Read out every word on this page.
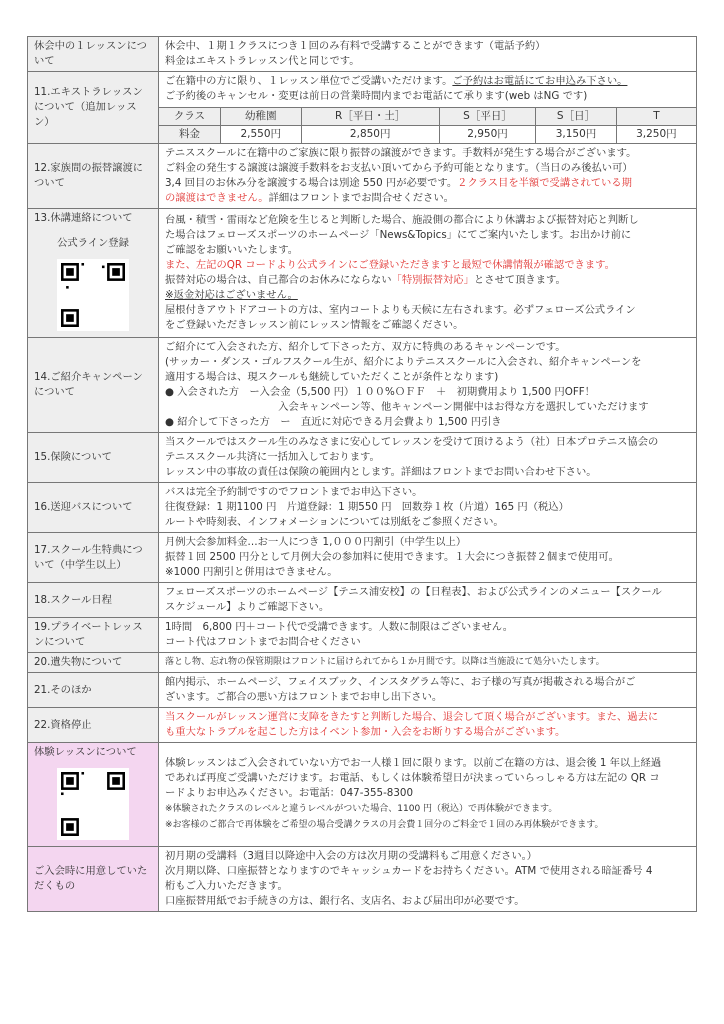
休会中の１レッスンについて

休会中、１期１クラスにつき１回のみ有料で受講することができます（電話予約）
料金はエキストラレッスン代と同じです。

11.エキストラレッスンについて（追加レッスン）

ご在籍中の方に限り、１レッスン単位でご受講いただけます。ご予約はお電話にてお申込み下さい。
ご予約後のキャンセル・変更は前日の営業時間内までお電話にて承ります(web はNG です)
クラス	幼稚園	R［平日・土］	S［平日］	S［日］	T
料金	2,550円	2,850円	2,950円	3,150円	3,250円

12.家族間の振替譲渡について

テニススクールに在籍中のご家族に限り振替の譲渡ができます。手数料が発生する場合がございます。
ご料金の発生する譲渡は譲渡手数料をお支払い頂いてから予約可能となります。（当日のみ後払い可）
3,4 回目のお休み分を譲渡する場合は別途 550 円が必要です。２クラス目を半額で受講されている期
の譲渡はできません。詳細はフロントまでお問合せください。

13.休講連絡について
公式ライン登録

台風・積雪・雷雨など危険を生じると判断した場合、施設側の都合により休講および振替対応と判断し
た場合はフェローズスポーツのホームページ「News&Topics」にてご案内いたします。お出かけ前に
ご確認をお願いいたします。
また、左記のQR コードより公式ラインにご登録いただきますと最短で休講情報が確認できます。
振替対応の場合は、自己都合のお休みにならない「特別振替対応」とさせて頂きます。
※返金対応はございません。
屋根付きアウトドアコートの方は、室内コートよりも天候に左右されます。必ずフェローズ公式ライン
をご登録いただきレッスン前にレッスン情報をご確認ください。

14.ご紹介キャンペーンについて

ご紹介にて入会された方、紹介して下さった方、双方に特典のあるキャンペーンです。
(サッカー・ダンス・ゴルフスクール生が、紹介によりテニススクールに入会され、紹介キャンペーンを
適用する場合は、現スクールも継続していただくことが条件となります)
● 入会された方　ー入会金（5,500 円）１００%ＯＦＦ　＋　初期費用より 1,500 円OFF！
　　　　　　　　　　　入会キャンペーン等、他キャンペーン開催中はお得な方を選択していただけます
● 紹介して下さった方　ー　直近に対応できる月会費より 1,500 円引き

15.保険について

当スクールではスクール生のみなさまに安心してレッスンを受けて頂けるよう（社）日本プロテニス協会の
テニススクール共済に一括加入しております。
レッスン中の事故の責任は保険の範囲内とします。詳細はフロントまでお問い合わせ下さい。

16.送迎バスについて

バスは完全予約制ですのでフロントまでお申込下さい。
往復登録：1 期1100 円　片道登録：1 期550 円　回数券１枚（片道）165 円（税込）
ルートや時刻表、インフォメーションについては別紙をご参照ください。

17.スクール生特典について（中学生以上）

月例大会参加料金…お一人につき 1,０００円割引（中学生以上）
振替１回 2500 円分として月例大会の参加料に使用できます。１大会につき振替２個まで使用可。
※1000 円割引と併用はできません。

18.スクール日程

フェローズスポーツのホームページ【テニス浦安校】の【日程表】、および公式ラインのメニュー【スクール
スケジュール】よりご確認下さい。

19.プライベートレッスンについて

1時間　6,800 円＋コート代で受講できます。人数に制限はございません。
コート代はフロントまでお問合せください

20.遺失物について	落とし物、忘れ物の保管期限はフロントに届けられてから１か月間です。以降は当施設にて処分いたします。

21.そのほか

館内掲示、ホームページ、フェイスブック、インスタグラム等に、お子様の写真が掲載される場合がご
ざいます。ご都合の悪い方はフロントまでお申し出下さい。

22.資格停止

当スクールがレッスン運営に支障をきたすと判断した場合、退会して頂く場合がございます。また、過去に
も重大なトラブルを起こした方はイベント参加・入会をお断りする場合がございます。

体験レッスンについて

体験レッスンはご入会されていない方でお一人様１回に限ります。以前ご在籍の方は、退会後 1 年以上経過
であれば再度ご受講いただけます。お電話、もしくは体験希望日が決まっていらっしゃる方は左記の QR コ
ードよりお申込みください。お電話：047-355-8300
※体験されたクラスのレベルと違うレベルがついた場合、1100 円（税込）で再体験ができます。
※お客様のご都合で再体験をご希望の場合受講クラスの月会費１回分のご料金で１回のみ再体験ができます。

ご入会時に用意していただくもの

初月期の受講料（3週目以降途中入会の方は次月期の受講料もご用意ください。）
次月期以降、口座振替となりますのでキャッシュカードをお持ちください。ATM で使用される暗証番号 4
桁もご入力いただきます。
口座振替用紙でお手続きの方は、銀行名、支店名、および届出印が必要です。
